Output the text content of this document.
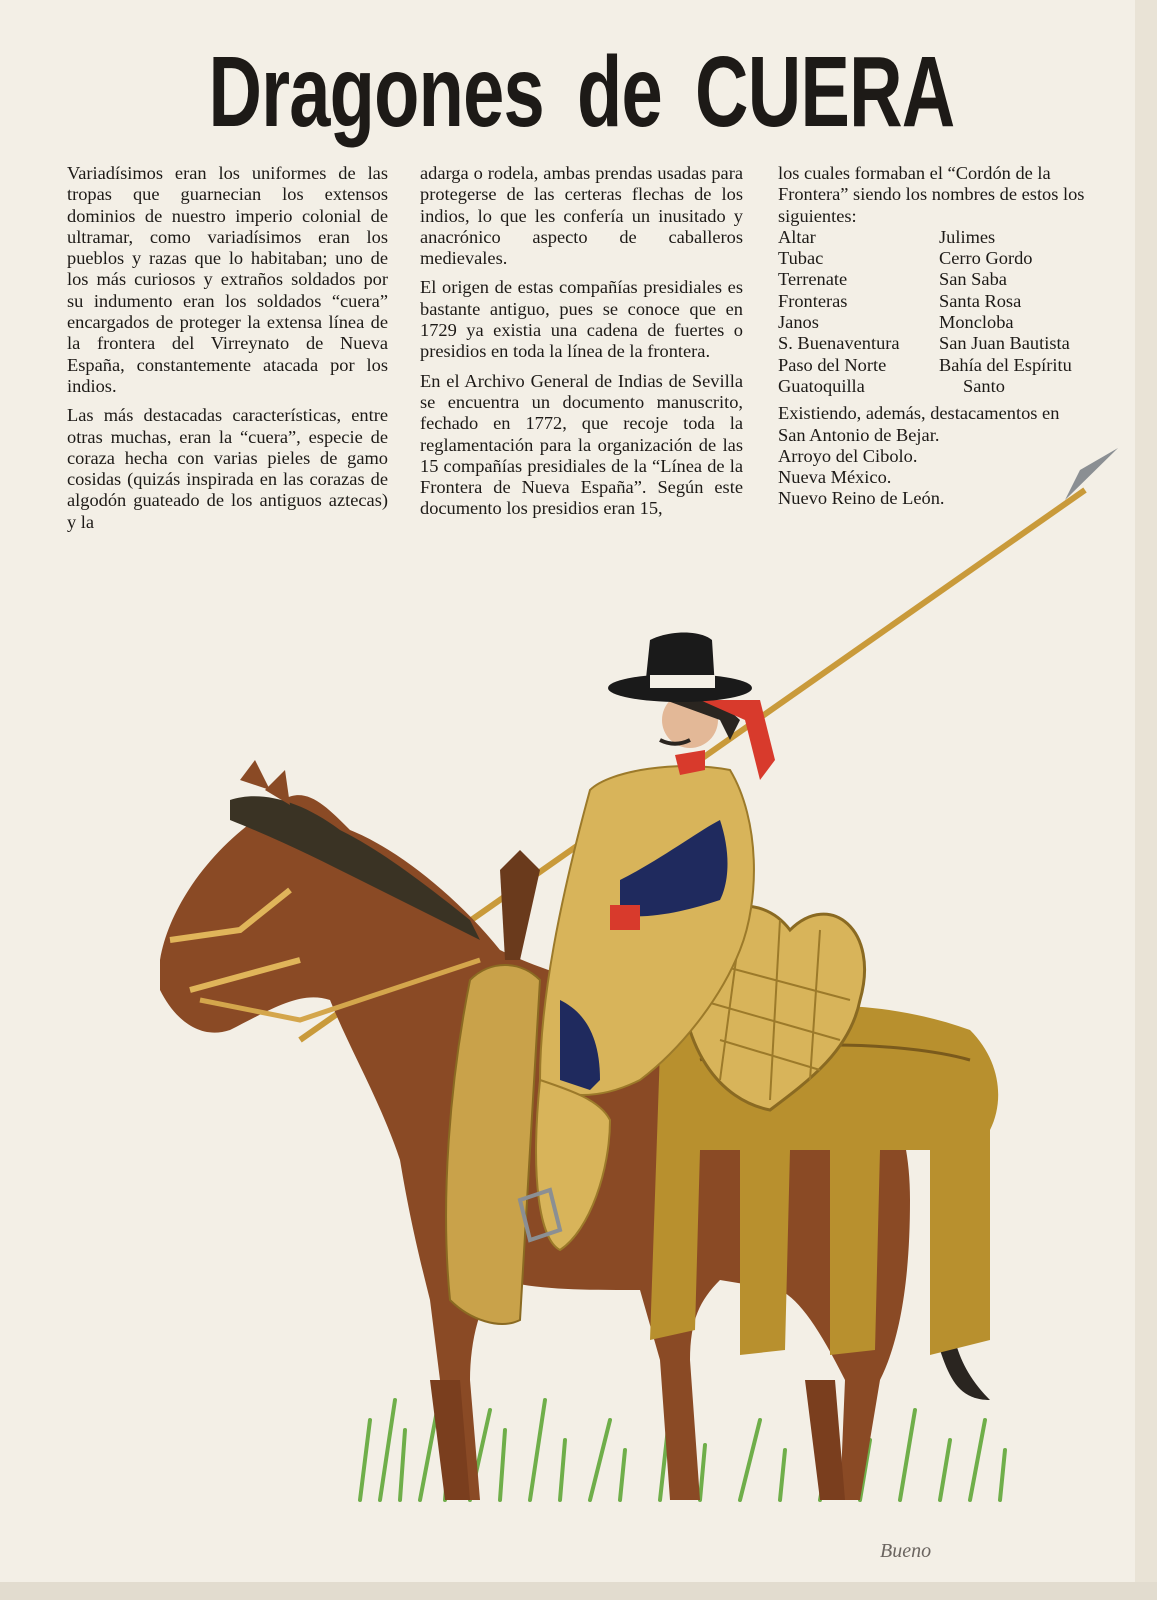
Dragones de CUERA

Variadísimos eran los uniformes de las tropas que guarnecian los extensos dominios de nuestro imperio colonial de ultramar, como variadísimos eran los pueblos y razas que lo habitaban; uno de los más curiosos y extraños soldados por su indumento eran los soldados “cuera” encargados de proteger la extensa línea de la frontera del Virreynato de Nueva España, constantemente atacada por los indios.

Las más destacadas características, entre otras muchas, eran la “cuera”, especie de coraza hecha con varias pieles de gamo cosidas (quizás inspirada en las corazas de algodón guateado de los antiguos aztecas) y la

adarga o rodela, ambas prendas usadas para protegerse de las certeras flechas de los indios, lo que les confería un inusitado y anacrónico aspecto de caballeros medievales.

El origen de estas compañías presidiales es bastante antiguo, pues se conoce que en 1729 ya existia una cadena de fuertes o presidios en toda la línea de la frontera.

En el Archivo General de Indias de Sevilla se encuentra un documento manuscrito, fechado en 1772, que recoje toda la reglamentación para la organización de las 15 compañías presidiales de la “Línea de la Frontera de Nueva España”. Según este documento los presidios eran 15,

los cuales formaban el “Cordón de la Frontera” siendo los nombres de estos los siguientes:
Altar	Julimes
Tubac	Cerro Gordo
Terrenate	San Saba
Fronteras	Santa Rosa
Janos	Moncloba
S. Buenaventura	San Juan Bautista
Paso del Norte	Bahía del Espíritu
Guatoquilla	Santo
Existiendo, además, destacamentos en
San Antonio de Bejar.
Arroyo del Cibolo.
Nueva México.
Nuevo Reino de León.
Bueno
